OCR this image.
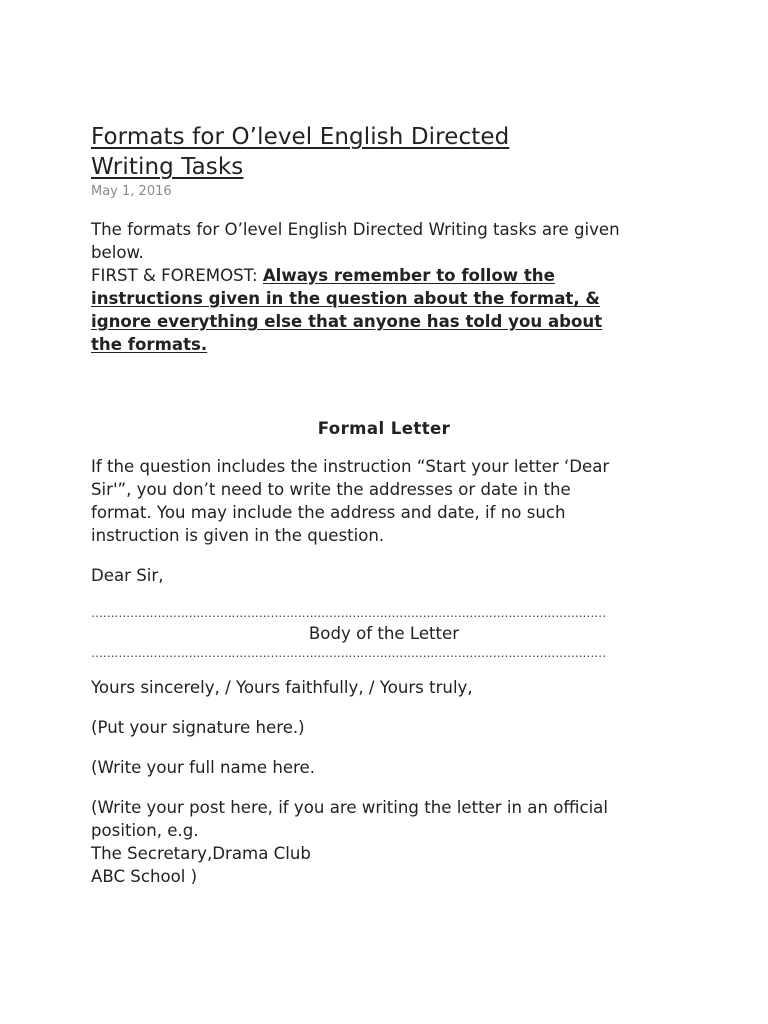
Formats for O’level English Directed
Writing Tasks
May 1, 2016

The formats for O’level English Directed Writing tasks are given
below.
FIRST & FOREMOST: Always remember to follow the
instructions given in the question about the format, &
ignore everything else that anyone has told you about
the formats.

Formal Letter

If the question includes the instruction “Start your letter ‘Dear
Sir'”, you don’t need to write the addresses or date in the
format. You may include the address and date, if no such
instruction is given in the question.

Dear Sir,

……………………………………………………………………………………………………………………

Body of the Letter

……………………………………………………………………………………………………………………

Yours sincerely, / Yours faithfully, / Yours truly,

(Put your signature here.)

(Write your full name here.

(Write your post here, if you are writing the letter in an official
position, e.g.
The Secretary,Drama Club
ABC School )
